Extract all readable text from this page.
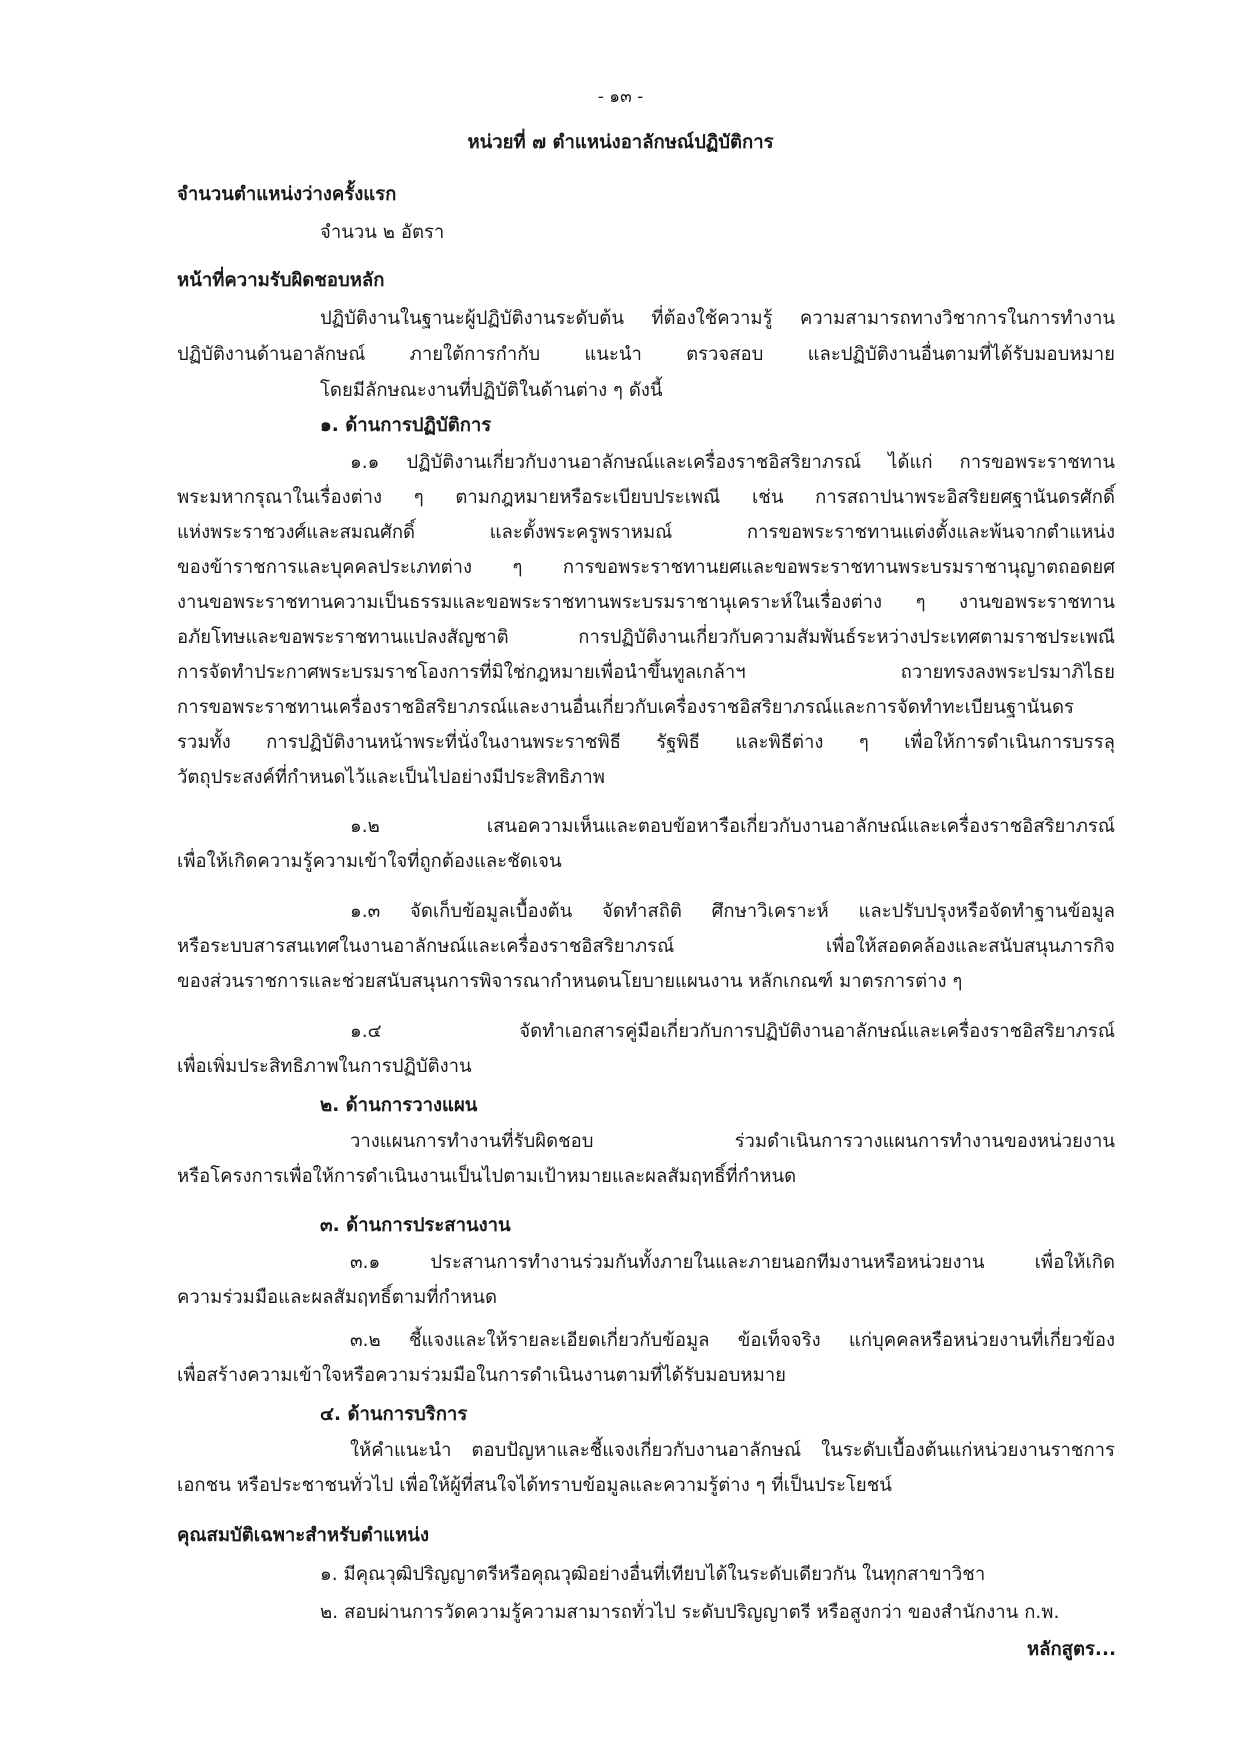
- ๑๓ -
หน่วยที่ ๗ ตำแหน่งอาลักษณ์ปฏิบัติการ
จำนวนตำแหน่งว่างครั้งแรก
จำนวน ๒ อัตรา
หน้าที่ความรับผิดชอบหลัก
ปฏิบัติงานในฐานะผู้ปฏิบัติงานระดับต้น ที่ต้องใช้ความรู้ ความสามารถทางวิชาการในการทำงาน
ปฏิบัติงานด้านอาลักษณ์ ภายใต้การกำกับ แนะนำ ตรวจสอบ และปฏิบัติงานอื่นตามที่ได้รับมอบหมาย
โดยมีลักษณะงานที่ปฏิบัติในด้านต่าง ๆ ดังนี้
๑. ด้านการปฏิบัติการ
๑.๑ ปฏิบัติงานเกี่ยวกับงานอาลักษณ์และเครื่องราชอิสริยาภรณ์ ได้แก่ การขอพระราชทาน
พระมหากรุณาในเรื่องต่าง ๆ ตามกฎหมายหรือระเบียบประเพณี เช่น การสถาปนาพระอิสริยยศฐานันดรศักดิ์
แห่งพระราชวงศ์และสมณศักดิ์ และตั้งพระครูพราหมณ์ การขอพระราชทานแต่งตั้งและพ้นจากตำแหน่ง
ของข้าราชการและบุคคลประเภทต่าง ๆ การขอพระราชทานยศและขอพระราชทานพระบรมราชานุญาตถอดยศ
งานขอพระราชทานความเป็นธรรมและขอพระราชทานพระบรมราชานุเคราะห์ในเรื่องต่าง ๆ งานขอพระราชทาน
อภัยโทษและขอพระราชทานแปลงสัญชาติ การปฏิบัติงานเกี่ยวกับความสัมพันธ์ระหว่างประเทศตามราชประเพณี
การจัดทำประกาศพระบรมราชโองการที่มิใช่กฎหมายเพื่อนำขึ้นทูลเกล้าฯ ถวายทรงลงพระปรมาภิไธย
การขอพระราชทานเครื่องราชอิสริยาภรณ์และงานอื่นเกี่ยวกับเครื่องราชอิสริยาภรณ์และการจัดทำทะเบียนฐานันดร
รวมทั้ง การปฏิบัติงานหน้าพระที่นั่งในงานพระราชพิธี รัฐพิธี และพิธีต่าง ๆ เพื่อให้การดำเนินการบรรลุ
วัตถุประสงค์ที่กำหนดไว้และเป็นไปอย่างมีประสิทธิภาพ
๑.๒ เสนอความเห็นและตอบข้อหารือเกี่ยวกับงานอาลักษณ์และเครื่องราชอิสริยาภรณ์
เพื่อให้เกิดความรู้ความเข้าใจที่ถูกต้องและชัดเจน
๑.๓ จัดเก็บข้อมูลเบื้องต้น จัดทำสถิติ ศึกษาวิเคราะห์ และปรับปรุงหรือจัดทำฐานข้อมูล
หรือระบบสารสนเทศในงานอาลักษณ์และเครื่องราชอิสริยาภรณ์ เพื่อให้สอดคล้องและสนับสนุนภารกิจ
ของส่วนราชการและช่วยสนับสนุนการพิจารณากำหนดนโยบายแผนงาน หลักเกณฑ์ มาตรการต่าง ๆ
๑.๔ จัดทำเอกสารคู่มือเกี่ยวกับการปฏิบัติงานอาลักษณ์และเครื่องราชอิสริยาภรณ์
เพื่อเพิ่มประสิทธิภาพในการปฏิบัติงาน
๒. ด้านการวางแผน
วางแผนการทำงานที่รับผิดชอบ ร่วมดำเนินการวางแผนการทำงานของหน่วยงาน
หรือโครงการเพื่อให้การดำเนินงานเป็นไปตามเป้าหมายและผลสัมฤทธิ์ที่กำหนด
๓. ด้านการประสานงาน
๓.๑ ประสานการทำงานร่วมกันทั้งภายในและภายนอกทีมงานหรือหน่วยงาน เพื่อให้เกิด
ความร่วมมือและผลสัมฤทธิ์ตามที่กำหนด
๓.๒ ชี้แจงและให้รายละเอียดเกี่ยวกับข้อมูล ข้อเท็จจริง แก่บุคคลหรือหน่วยงานที่เกี่ยวข้อง
เพื่อสร้างความเข้าใจหรือความร่วมมือในการดำเนินงานตามที่ได้รับมอบหมาย
๔. ด้านการบริการ
ให้คำแนะนำ ตอบปัญหาและชี้แจงเกี่ยวกับงานอาลักษณ์ ในระดับเบื้องต้นแก่หน่วยงานราชการ
เอกชน หรือประชาชนทั่วไป เพื่อให้ผู้ที่สนใจได้ทราบข้อมูลและความรู้ต่าง ๆ ที่เป็นประโยชน์
คุณสมบัติเฉพาะสำหรับตำแหน่ง
๑. มีคุณวุฒิปริญญาตรีหรือคุณวุฒิอย่างอื่นที่เทียบได้ในระดับเดียวกัน ในทุกสาขาวิชา
๒. สอบผ่านการวัดความรู้ความสามารถทั่วไป ระดับปริญญาตรี หรือสูงกว่า ของสำนักงาน ก.พ.
หลักสูตร...
